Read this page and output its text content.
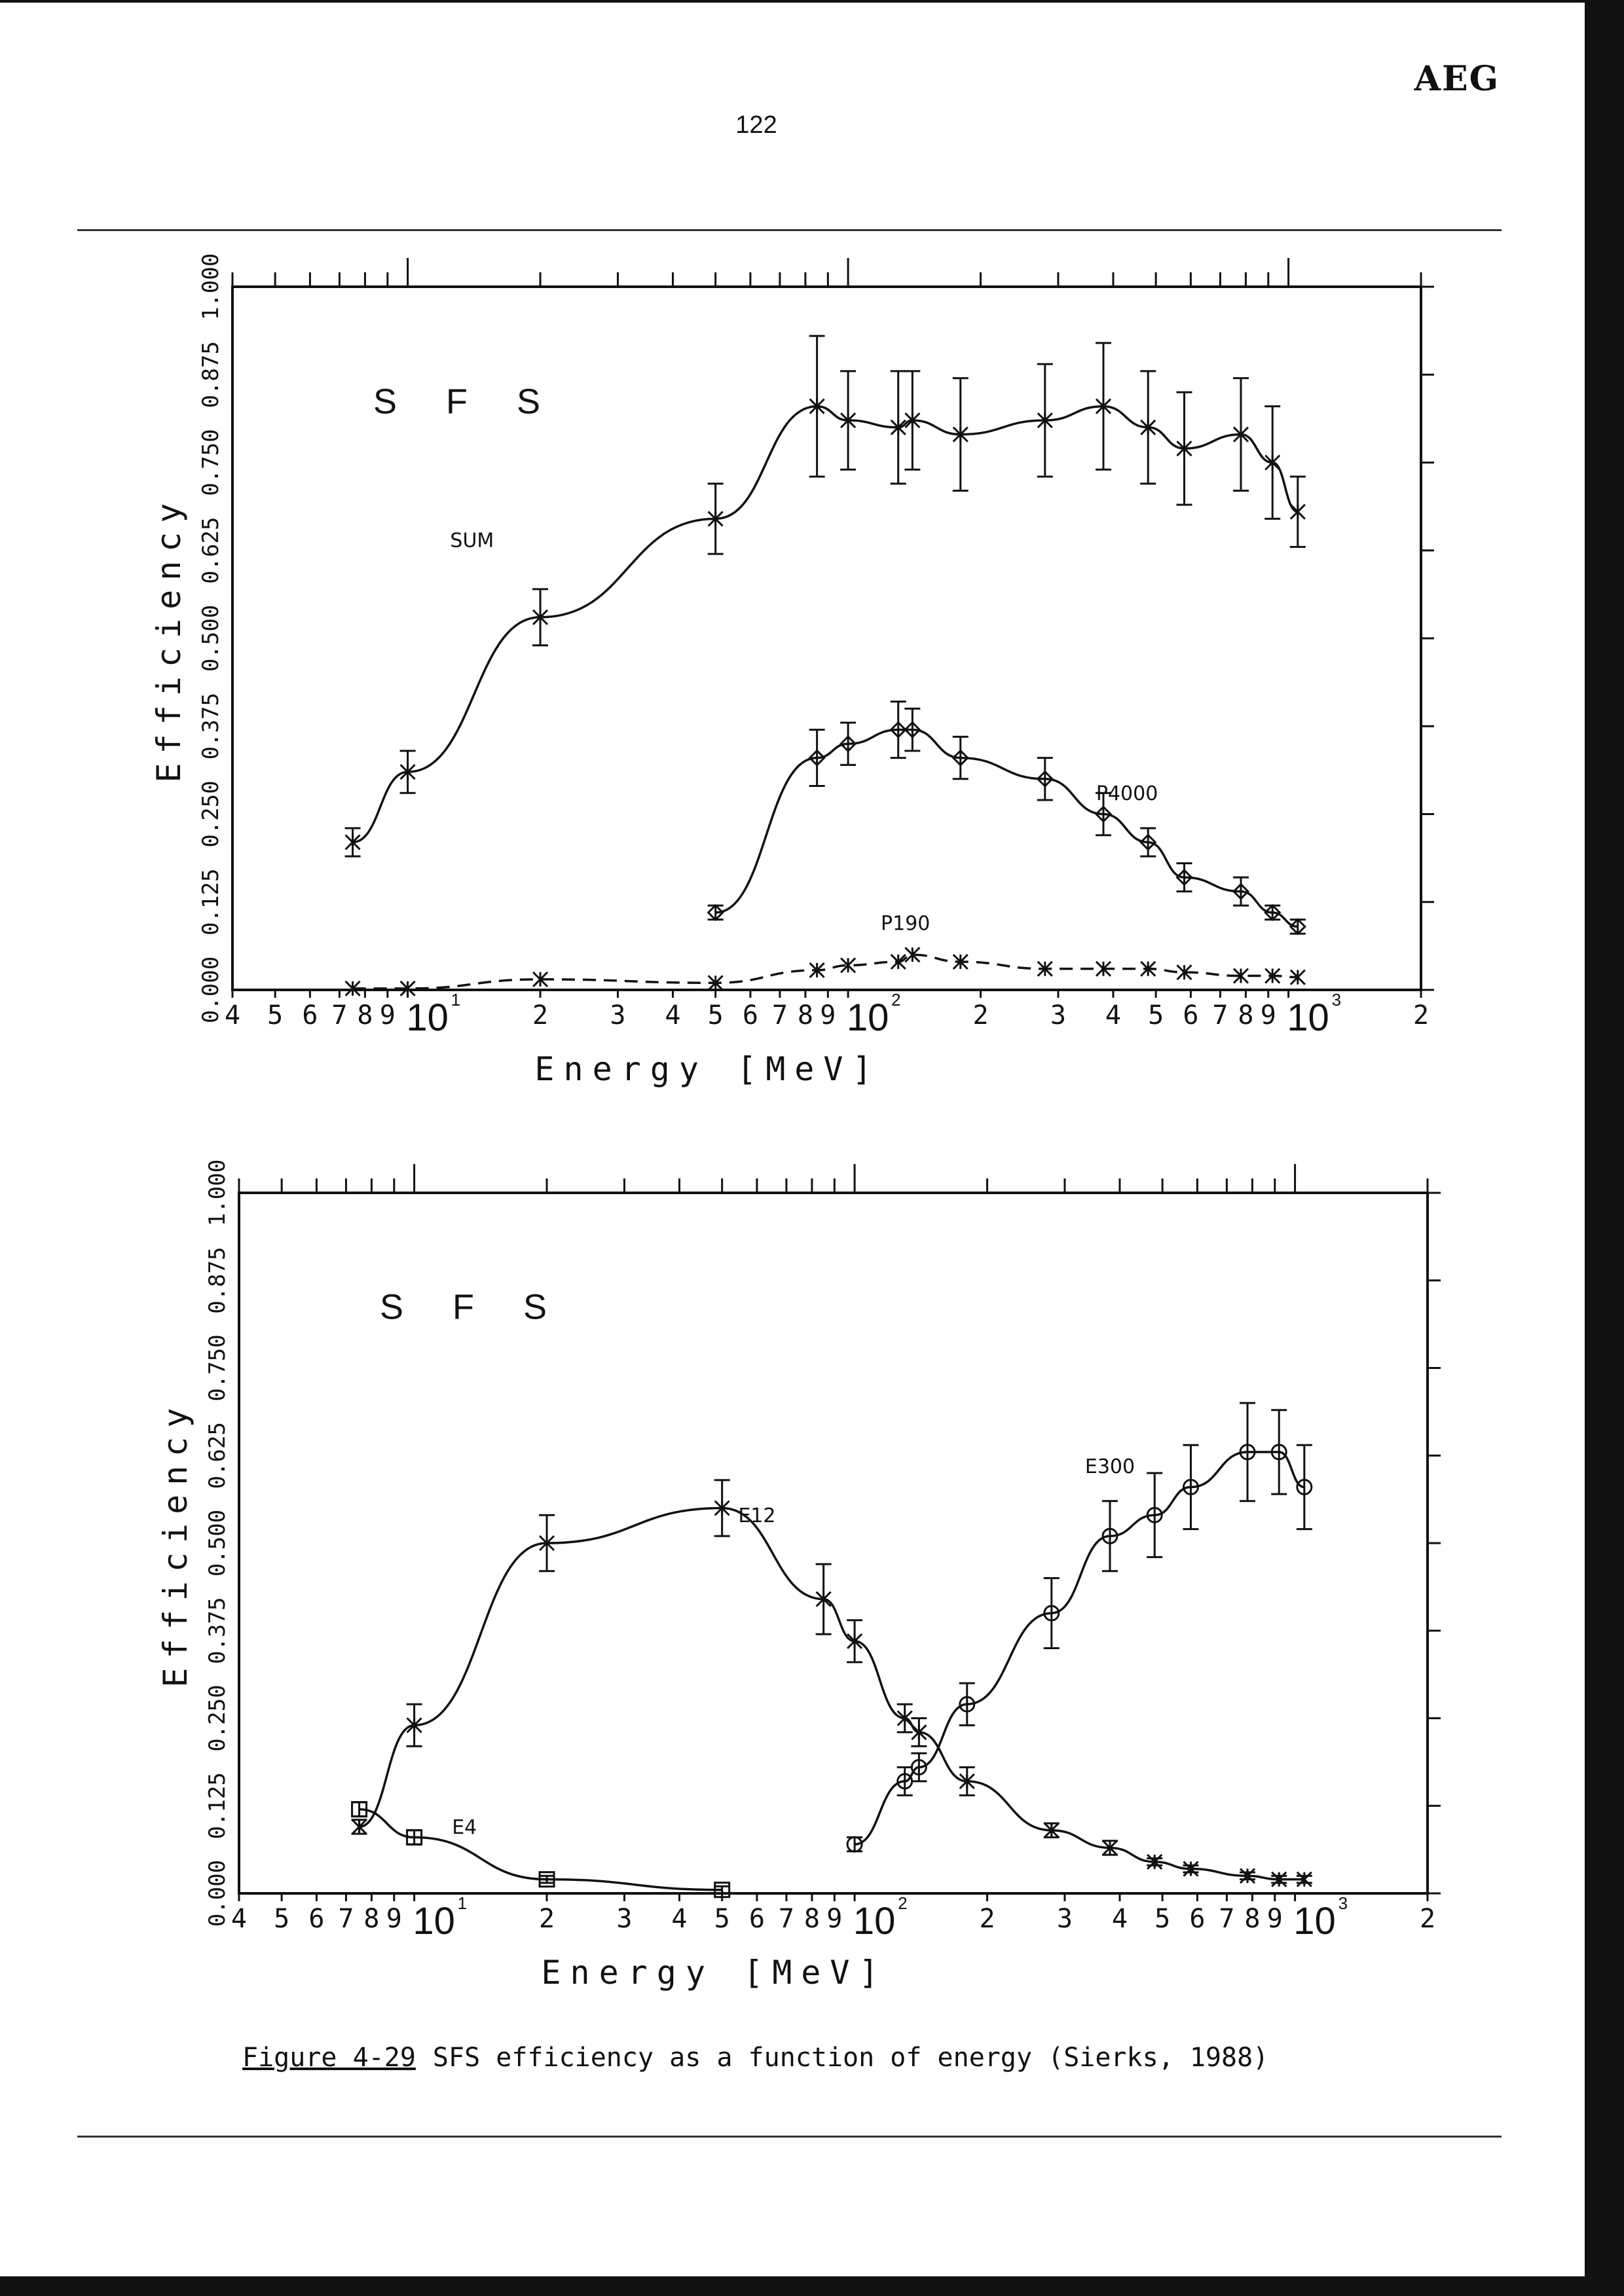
AEG
122
4 5 6 7 8 9	2 3 4 5 6 7 8 9	2 3 4 5 6 7 8 9	2
10 1	10 2	10 3
0.000
0.125
0.250
0.375
0.500
0.625
0.750
0.875
1.000
Efficiency
Energy [MeV]
S F S
SUM
P4000
P190
4 5 6 7 8 9	2 3 4 5 6 7 8 9	2 3 4 5 6 7 8 9	2
10 1	10 2	10 3
0.000
0.125
0.250
0.375
0.500
0.625
0.750
0.875
1.000
Efficiency
Energy [MeV]
S F S
E12
E300
E4
Figure 4-29 SFS efficiency as a function of energy (Sierks, 1988)
